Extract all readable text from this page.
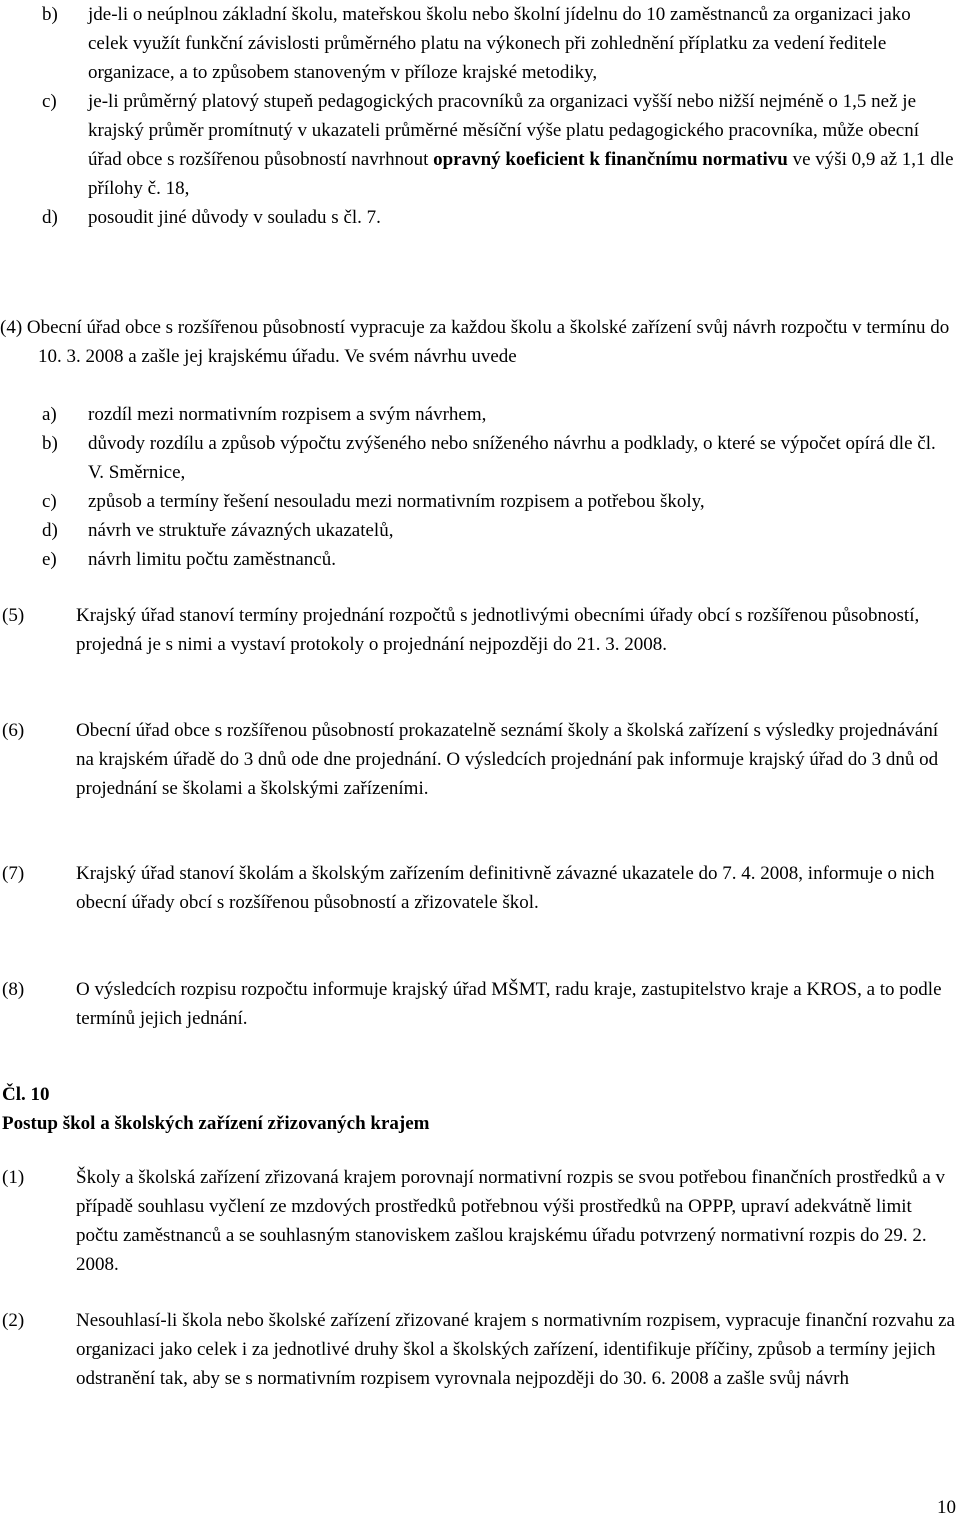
b)	jde-li o neúplnou základní školu, mateřskou školu nebo školní jídelnu do 10 zaměstnanců za organizaci jako celek využít funkční závislosti průměrného platu na výkonech při zohlednění příplatku za vedení ředitele organizace, a to způsobem stanoveným v příloze krajské metodiky,
c)	je-li průměrný platový stupeň pedagogických pracovníků za organizaci vyšší nebo nižší nejméně o 1,5 než je krajský průměr promítnutý v ukazateli průměrné měsíční výše platu pedagogického pracovníka, může obecní úřad obce s rozšířenou působností navrhnout opravný koeficient k finančnímu normativu ve výši 0,9 až 1,1 dle přílohy č. 18,
d)	posoudit jiné důvody v souladu s čl. 7.
(4) Obecní úřad obce s rozšířenou působností vypracuje za každou školu a školské zařízení svůj návrh rozpočtu v termínu do 10. 3. 2008 a zašle jej krajskému úřadu. Ve svém návrhu uvede
a)	rozdíl mezi normativním rozpisem a svým návrhem,
b)	důvody rozdílu a způsob výpočtu zvýšeného nebo sníženého návrhu a podklady, o které se výpočet opírá dle čl. V. Směrnice,
c)	způsob a termíny řešení nesouladu mezi normativním rozpisem a potřebou školy,
d)	návrh ve struktuře závazných ukazatelů,
e)	návrh limitu počtu zaměstnanců.
(5)	Krajský úřad stanoví termíny projednání rozpočtů s jednotlivými obecními úřady obcí s rozšířenou působností, projedná je s nimi a vystaví protokoly o projednání nejpozději do 21. 3. 2008.
(6)	Obecní úřad obce s rozšířenou působností prokazatelně seznámí školy a školská zařízení s výsledky projednávání na krajském úřadě do 3 dnů ode dne projednání. O výsledcích projednání pak informuje krajský úřad do 3 dnů od projednání se školami a školskými zařízeními.
(7)	Krajský úřad stanoví školám a školským zařízením definitivně závazné ukazatele do 7. 4. 2008, informuje o nich obecní úřady obcí s rozšířenou působností a zřizovatele škol.
(8)	O výsledcích rozpisu rozpočtu informuje krajský úřad MŠMT, radu kraje, zastupitelstvo kraje a KROS, a to podle termínů jejich jednání.
Čl. 10
Postup škol a školských zařízení zřizovaných krajem
(1)	Školy a školská zařízení zřizovaná krajem porovnají normativní rozpis se svou potřebou finančních prostředků a v případě souhlasu vyčlení ze mzdových prostředků potřebnou výši prostředků na OPPP, upraví adekvátně limit počtu zaměstnanců a se souhlasným stanoviskem zašlou krajskému úřadu potvrzený normativní rozpis do 29. 2. 2008.
(2)	Nesouhlasí-li škola nebo školské zařízení zřizované krajem s normativním rozpisem, vypracuje finanční rozvahu za organizaci jako celek i za jednotlivé druhy škol a školských zařízení, identifikuje příčiny, způsob a termíny jejich odstranění tak, aby se s normativním rozpisem vyrovnala nejpozději do 30. 6. 2008 a zašle svůj návrh
10
